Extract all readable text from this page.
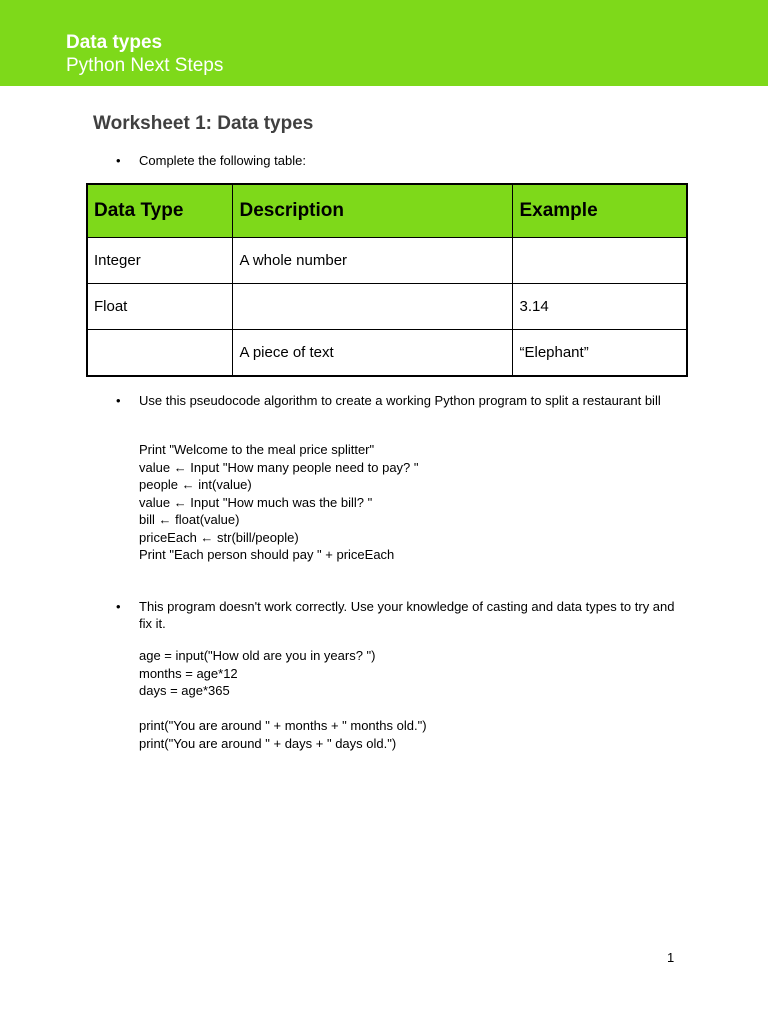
Data types
Python Next Steps
Worksheet 1: Data types
• Complete the following table:
Data Type	Description	Example
Integer	A whole number	
Float		3.14
	A piece of text	“Elephant”
• Use this pseudocode algorithm to create a working Python program to split a restaurant bill
Print "Welcome to the meal price splitter"
value ← Input "How many people need to pay? "
people ← int(value)
value ← Input "How much was the bill? "
bill ← float(value)
priceEach ← str(bill/people)
Print "Each person should pay " + priceEach
• This program doesn't work correctly. Use your knowledge of casting and data types to try and fix it.
age = input("How old are you in years? ")
months = age*12
days = age*365
print("You are around " + months + " months old.")
print("You are around " + days + " days old.")
1
